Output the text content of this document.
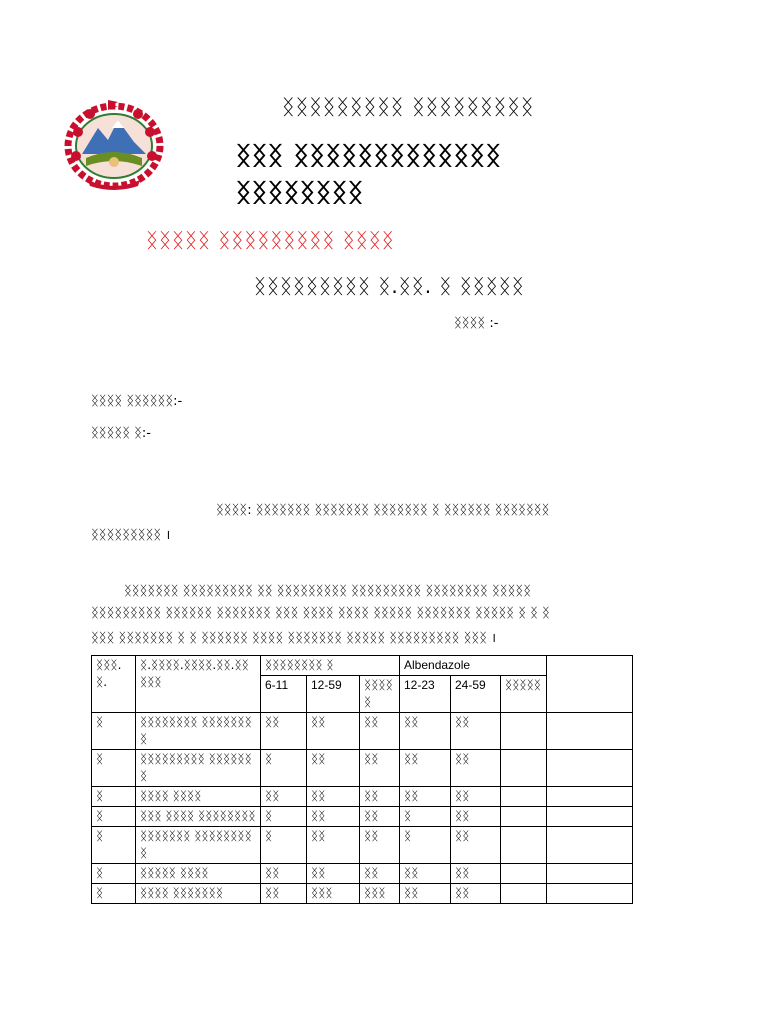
ᛝᛝᛝᛝᛝᛝᛝᛝᛝ ᛝᛝᛝᛝᛝᛝᛝᛝᛝ
ᛝᛝᛝ ᛝᛝᛝᛝᛝᛝᛝᛝᛝᛝᛝᛝᛝ
ᛝᛝᛝᛝᛝᛝᛝᛝ
ᛝᛝᛝᛝᛝ ᛝᛝᛝᛝᛝᛝᛝᛝᛝ ᛝᛝᛝᛝ
ᛝᛝᛝᛝᛝᛝᛝᛝᛝ ᛝ.ᛝᛝ. ᛝ ᛝᛝᛝᛝᛝ
ᛝᛝᛝᛝ :-
ᛝᛝᛝᛝ ᛝᛝᛝᛝᛝᛝ:-
ᛝᛝᛝᛝᛝ ᛝ:-
ᛝᛝᛝᛝ: ᛝᛝᛝᛝᛝᛝᛝ ᛝᛝᛝᛝᛝᛝᛝ ᛝᛝᛝᛝᛝᛝᛝ ᛝ ᛝᛝᛝᛝᛝᛝ ᛝᛝᛝᛝᛝᛝᛝ
ᛝᛝᛝᛝᛝᛝᛝᛝᛝ ।
ᛝᛝᛝᛝᛝᛝᛝ ᛝᛝᛝᛝᛝᛝᛝᛝᛝ ᛝᛝ ᛝᛝᛝᛝᛝᛝᛝᛝᛝ ᛝᛝᛝᛝᛝᛝᛝᛝᛝ ᛝᛝᛝᛝᛝᛝᛝᛝ ᛝᛝᛝᛝᛝ
ᛝᛝᛝᛝᛝᛝᛝᛝᛝ ᛝᛝᛝᛝᛝᛝ ᛝᛝᛝᛝᛝᛝᛝ ᛝᛝᛝ ᛝᛝᛝᛝ ᛝᛝᛝᛝ ᛝᛝᛝᛝᛝ ᛝᛝᛝᛝᛝᛝᛝ ᛝᛝᛝᛝᛝ ᛝ ᛝ ᛝ
ᛝᛝᛝ ᛝᛝᛝᛝᛝᛝᛝ ᛝ ᛝ ᛝᛝᛝᛝᛝᛝ ᛝᛝᛝᛝ ᛝᛝᛝᛝᛝᛝᛝ ᛝᛝᛝᛝᛝ ᛝᛝᛝᛝᛝᛝᛝᛝᛝ ᛝᛝᛝ ।
ᛝᛝᛝ.ᛝ.	ᛝ.ᛝᛝᛝᛝ.ᛝᛝᛝᛝ.ᛝᛝ.ᛝᛝ ᛝᛝᛝ	ᛝᛝᛝᛝᛝᛝᛝᛝ ᛝ			Albendazole			
		6-11	12-59	ᛝᛝᛝᛝᛝ	12-23	24-59	ᛝᛝᛝᛝᛝ	
ᛝ	ᛝᛝᛝᛝᛝᛝᛝᛝ ᛝᛝᛝᛝᛝᛝᛝᛝ	ᛝᛝ	ᛝᛝ	ᛝᛝ	ᛝᛝ	ᛝᛝ		
ᛝ	ᛝᛝᛝᛝᛝᛝᛝᛝᛝ ᛝᛝᛝᛝᛝᛝᛝ	ᛝ	ᛝᛝ	ᛝᛝ	ᛝᛝ	ᛝᛝ		
ᛝ	ᛝᛝᛝᛝ ᛝᛝᛝᛝ	ᛝᛝ	ᛝᛝ	ᛝᛝ	ᛝᛝ	ᛝᛝ		
ᛝ	ᛝᛝᛝ ᛝᛝᛝᛝ ᛝᛝᛝᛝᛝᛝᛝᛝ	ᛝ	ᛝᛝ	ᛝᛝ	ᛝ	ᛝᛝ		
ᛝ	ᛝᛝᛝᛝᛝᛝᛝ ᛝᛝᛝᛝᛝᛝᛝᛝᛝ	ᛝ	ᛝᛝ	ᛝᛝ	ᛝ	ᛝᛝ		
ᛝ	ᛝᛝᛝᛝᛝ ᛝᛝᛝᛝ	ᛝᛝ	ᛝᛝ	ᛝᛝ	ᛝᛝ	ᛝᛝ		
ᛝ	ᛝᛝᛝᛝ ᛝᛝᛝᛝᛝᛝᛝ	ᛝᛝ	ᛝᛝᛝ	ᛝᛝᛝ	ᛝᛝ	ᛝᛝ		
